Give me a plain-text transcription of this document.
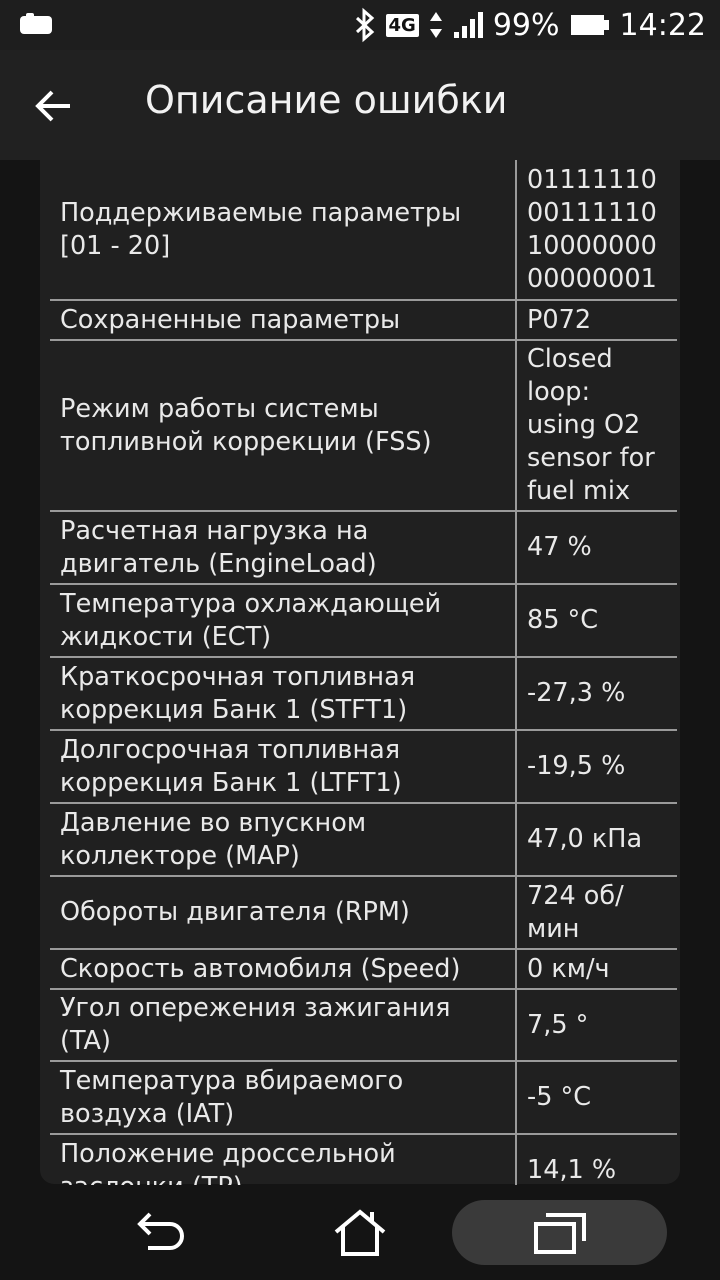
4G	99% 14:22
Описание ошибки
Поддерживаемые параметры [01 - 20]	01111110 00111110 10000000 00000001
Сохраненные параметры	P072
Режим работы системы топливной коррекции (FSS)	Closed loop: using O2 sensor for fuel mix
Расчетная нагрузка на двигатель (EngineLoad)	47 %
Температура охлаждающей жидкости (ECT)	85 °C
Краткосрочная топливная коррекция Банк 1 (STFT1)	-27,3 %
Долгосрочная топливная коррекция Банк 1 (LTFT1)	-19,5 %
Давление во впускном коллекторе (MAP)	47,0 кПа
Обороты двигателя (RPM)	724 об/мин
Скорость автомобиля (Speed)	0 км/ч
Угол опережения зажигания (TA)	7,5 °
Температура вбираемого воздуха (IAT)	-5 °C
Положение дроссельной	14,1 %
